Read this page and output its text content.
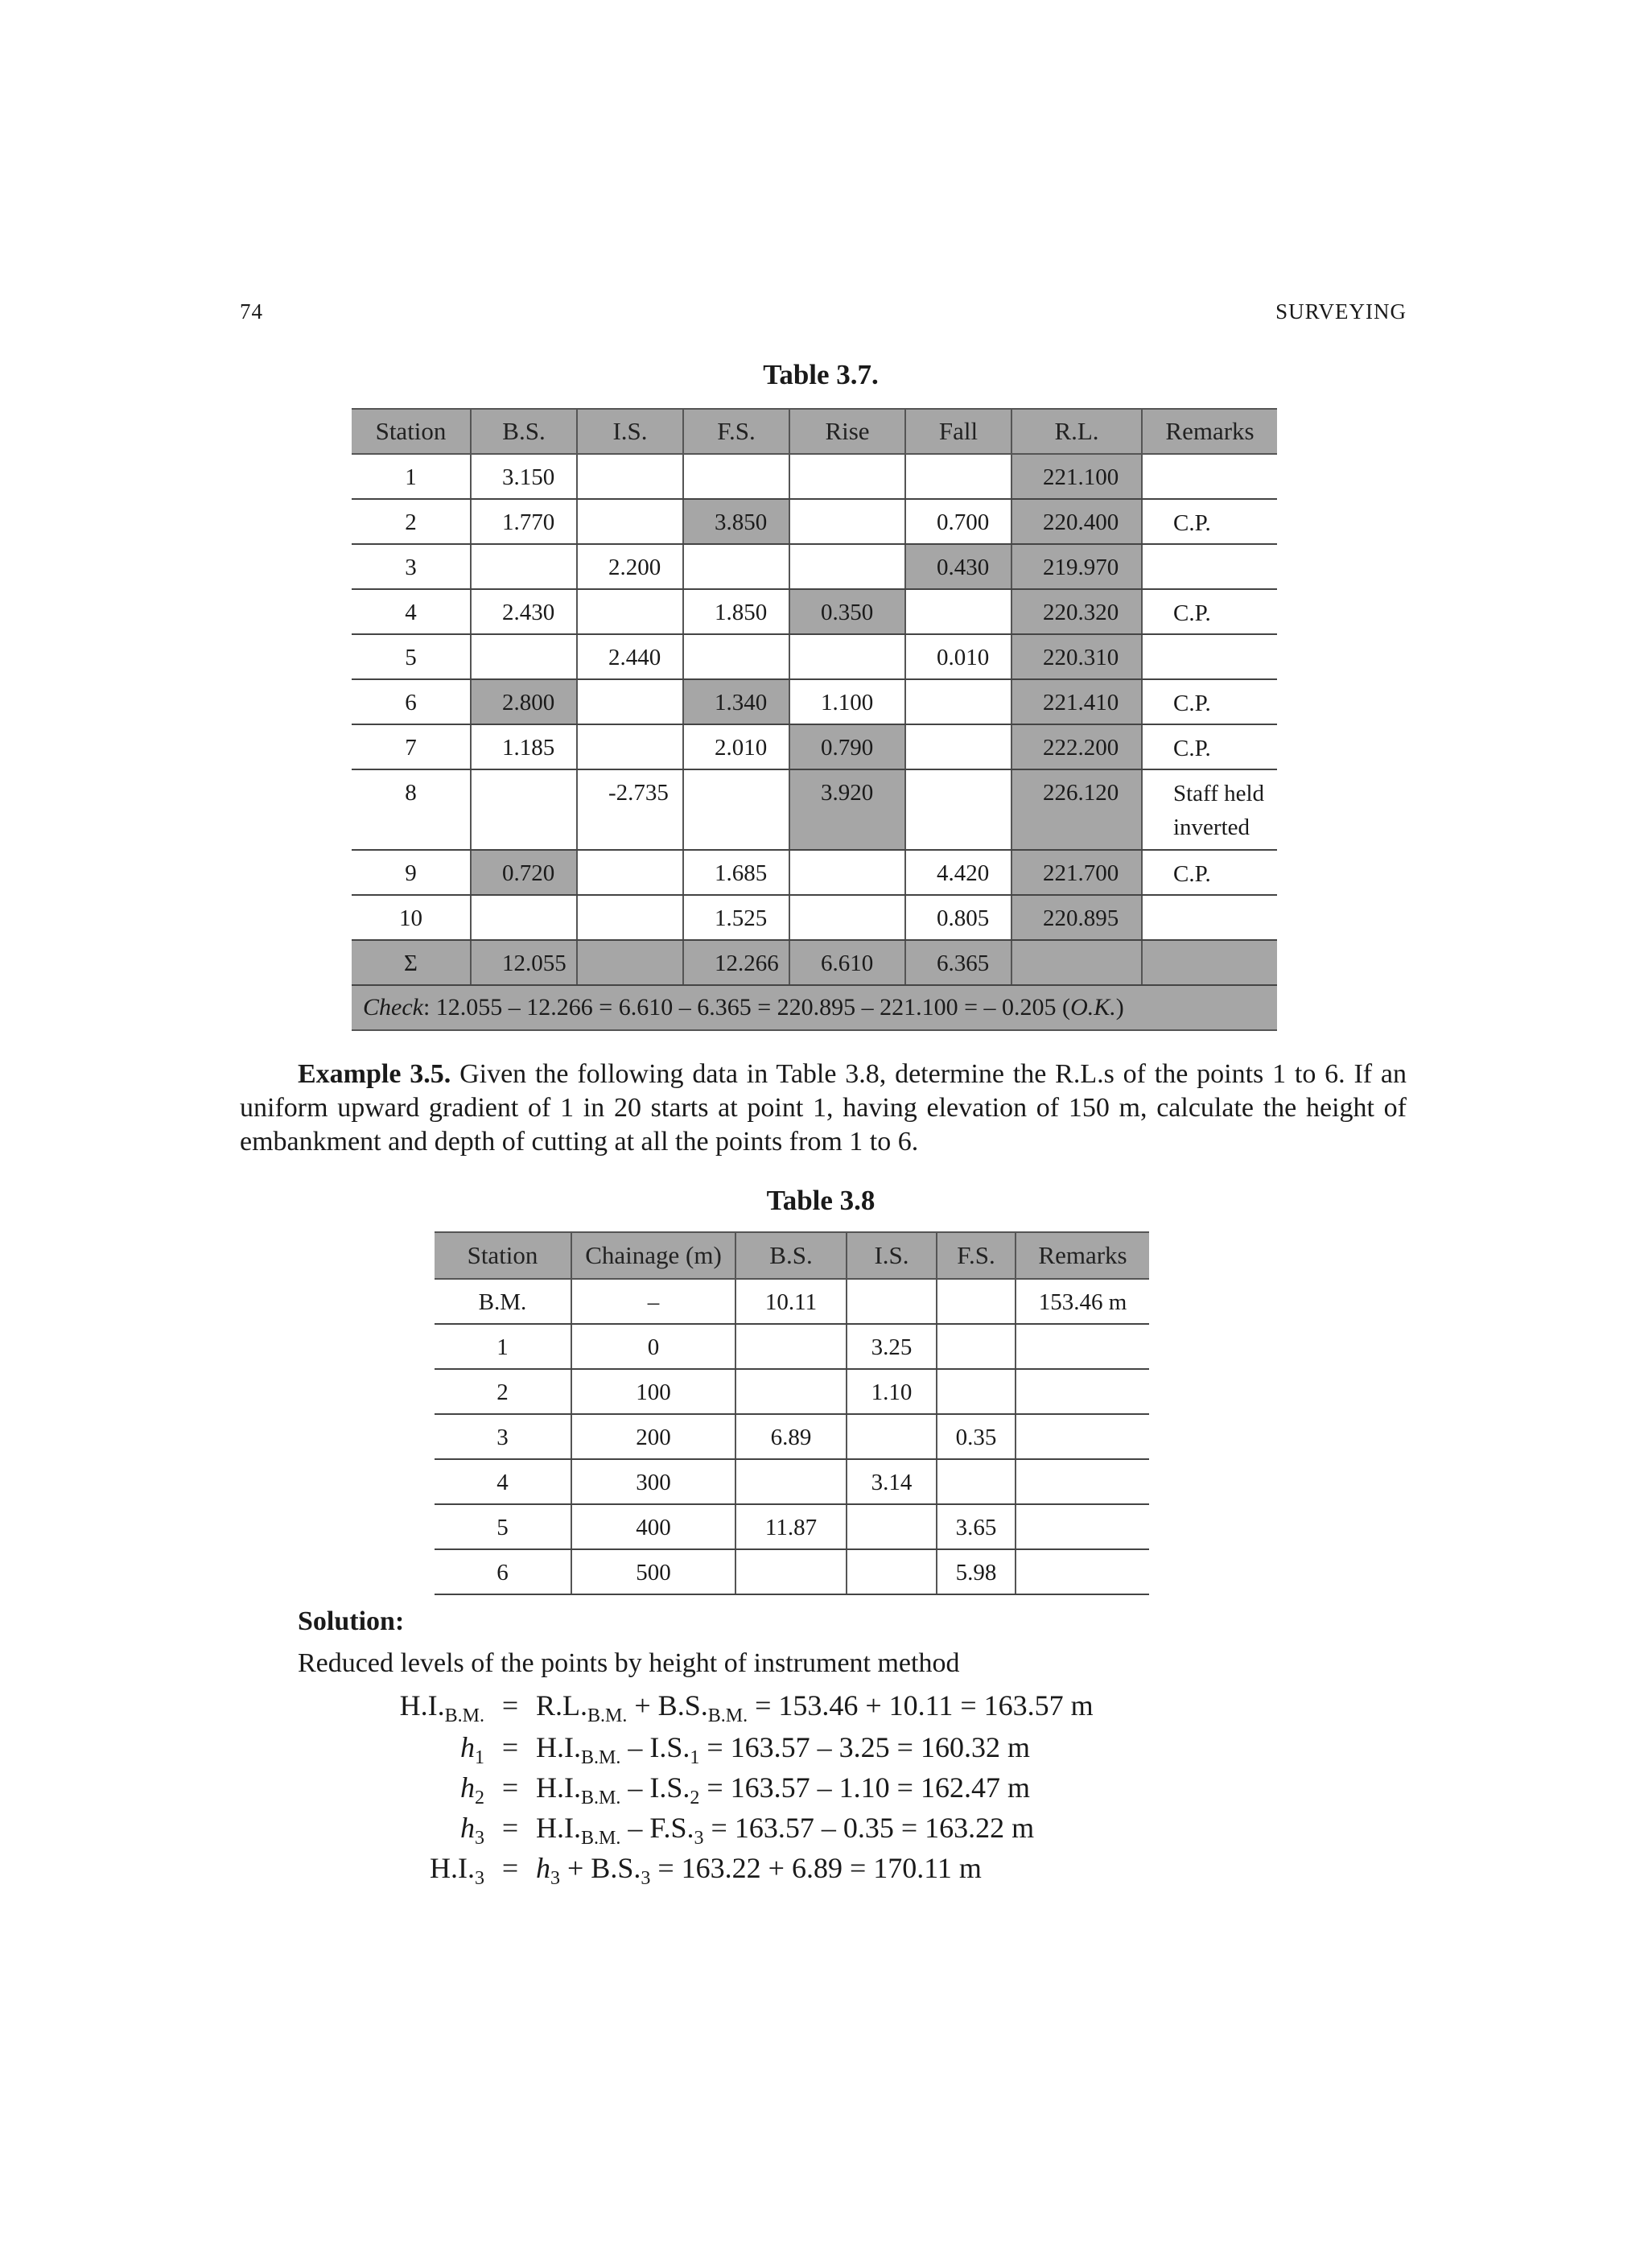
74	SURVEYING
Table 3.7.
Station	B.S.	I.S.	F.S.	Rise	Fall	R.L.	Remarks
1	3.150					221.100	
2	1.770		3.850		0.700	220.400	C.P.
3		2.200			0.430	219.970	
4	2.430		1.850	0.350		220.320	C.P.
5		2.440			0.010	220.310	
6	2.800		1.340	1.100		221.410	C.P.
7	1.185		2.010	0.790		222.200	C.P.
8		-2.735		3.920		226.120	Staff held inverted
9	0.720		1.685		4.420	221.700	C.P.
10			1.525		0.805	220.895	
Σ	12.055		12.266	6.610	6.365		
Check: 12.055 – 12.266 = 6.610 – 6.365 = 220.895 – 221.100 = – 0.205 (O.K.)							
Example 3.5. Given the following data in Table 3.8, determine the R.L.s of the points 1 to 6. If an uniform upward gradient of 1 in 20 starts at point 1, having elevation of 150 m, calculate the height of embankment and depth of cutting at all the points from 1 to 6.
Table 3.8
Station	Chainage (m)	B.S.	I.S.	F.S.	Remarks
B.M.	–	10.11			153.46 m
1	0		3.25		
2	100		1.10		
3	200	6.89		0.35	
4	300		3.14		
5	400	11.87		3.65	
6	500			5.98	
Solution:
Reduced levels of the points by height of instrument method
$H.I._{B.M.} = R.L._{B.M.} + B.S._{B.M.} = 153.46 + 10.11 = 163.57$ m
$h_1 = H.I._{B.M.} - I.S._1 = 163.57 - 3.25 = 160.32$ m
$h_2 = H.I._{B.M.} - I.S._2 = 163.57 - 1.10 = 162.47$ m
$h_3 = H.I._{B.M.} - F.S._3 = 163.57 - 0.35 = 163.22$ m
$H.I._3 = h_3 + B.S._3 = 163.22 + 6.89 = 170.11$ m
